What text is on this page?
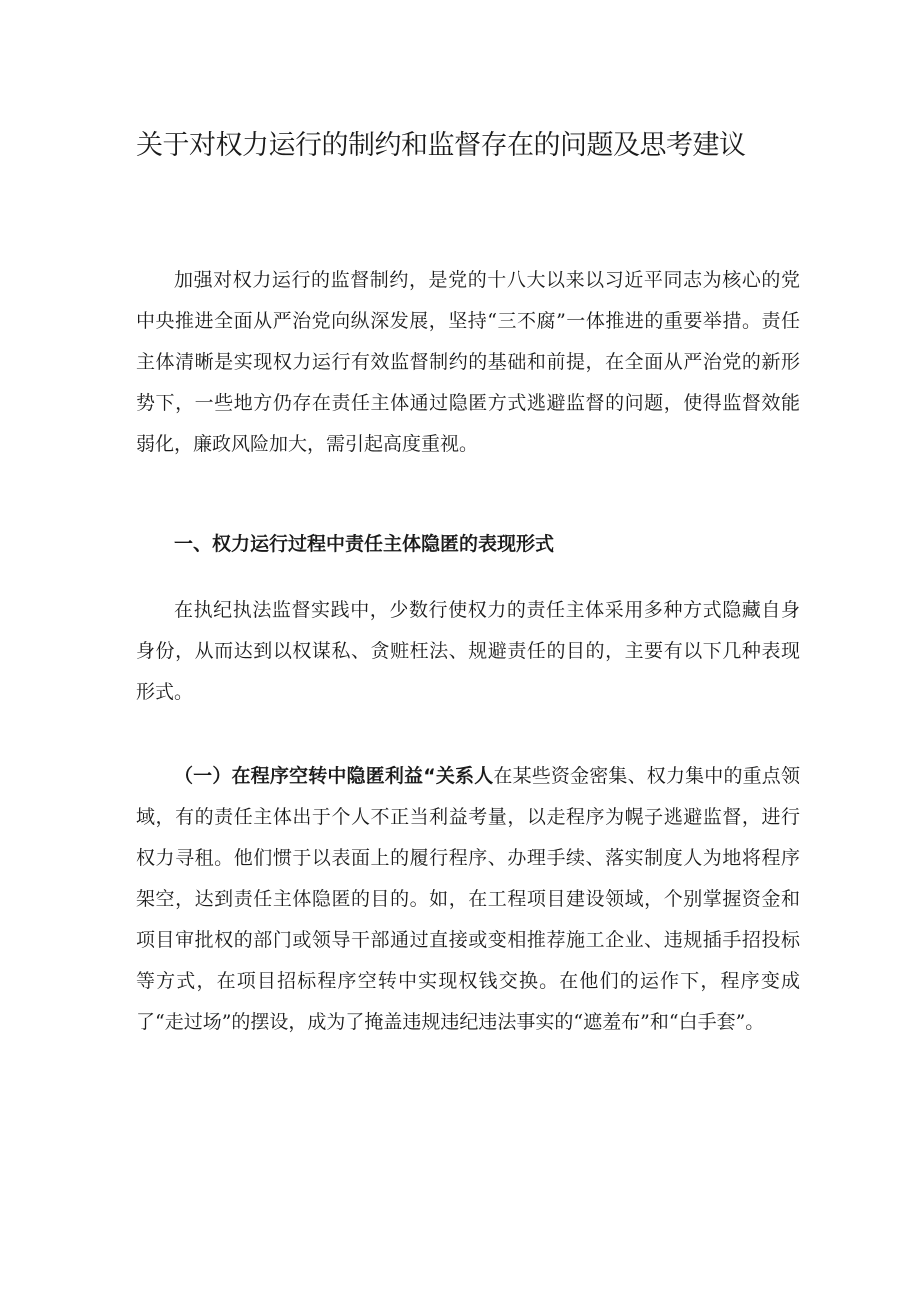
关于对权力运行的制约和监督存在的问题及思考建议

加强对权力运行的监督制约，是党的十八大以来以习近平同志为核心的党中央推进全面从严治党向纵深发展，坚持“三不腐”一体推进的重要举措。责任主体清晰是实现权力运行有效监督制约的基础和前提，在全面从严治党的新形势下，一些地方仍存在责任主体通过隐匿方式逃避监督的问题，使得监督效能弱化，廉政风险加大，需引起高度重视。

一、权力运行过程中责任主体隐匿的表现形式

在执纪执法监督实践中，少数行使权力的责任主体采用多种方式隐藏自身身份，从而达到以权谋私、贪赃枉法、规避责任的目的，主要有以下几种表现形式。

（一）在程序空转中隐匿利益“关系人在某些资金密集、权力集中的重点领域，有的责任主体出于个人不正当利益考量，以走程序为幌子逃避监督，进行权力寻租。他们惯于以表面上的履行程序、办理手续、落实制度人为地将程序架空，达到责任主体隐匿的目的。如，在工程项目建设领域，个别掌握资金和项目审批权的部门或领导干部通过直接或变相推荐施工企业、违规插手招投标等方式，在项目招标程序空转中实现权钱交换。在他们的运作下，程序变成了“走过场”的摆设，成为了掩盖违规违纪违法事实的“遮羞布”和“白手套”。
